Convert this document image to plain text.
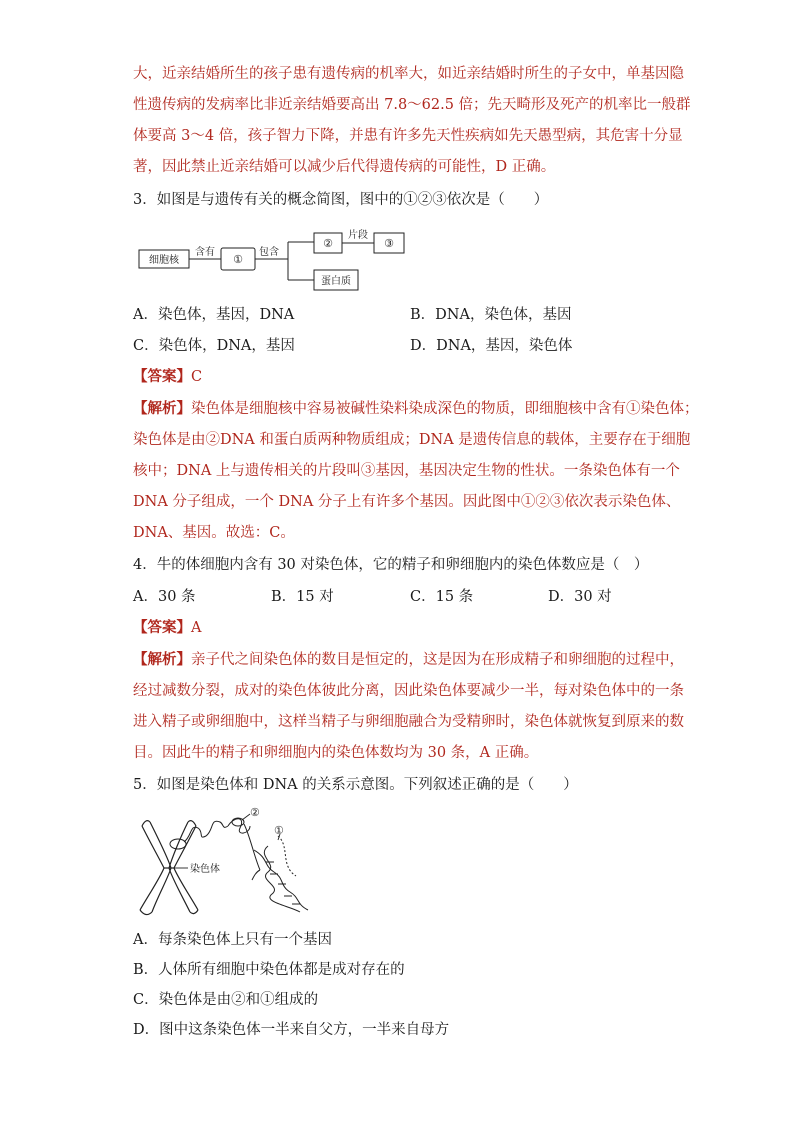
大，近亲结婚所生的孩子患有遗传病的机率大，如近亲结婚时所生的子女中，单基因隐
性遗传病的发病率比非近亲结婚要高出 7.8～62.5 倍；先天畸形及死产的机率比一般群
体要高 3～4 倍，孩子智力下降，并患有许多先天性疾病如先天愚型病，其危害十分显
著，因此禁止近亲结婚可以减少后代得遗传病的可能性，D 正确。
3．如图是与遗传有关的概念简图，图中的①②③依次是（　　）
细胞核
含有
①
包含
②
片段
③
蛋白质
A．染色体，基因，DNA	B．DNA，染色体，基因
C．染色体，DNA，基因	D．DNA，基因，染色体
【答案】C
【解析】染色体是细胞核中容易被碱性染料染成深色的物质，即细胞核中含有①染色体；
染色体是由②DNA 和蛋白质两种物质组成；DNA 是遗传信息的载体，主要存在于细胞
核中；DNA 上与遗传相关的片段叫③基因，基因决定生物的性状。一条染色体有一个
DNA 分子组成，一个 DNA 分子上有许多个基因。因此图中①②③依次表示染色体、
DNA、基因。故选：C。
4．牛的体细胞内含有 30 对染色体，它的精子和卵细胞内的染色体数应是（　）
A．30 条	B．15 对	C．15 条	D．30 对
【答案】A
【解析】亲子代之间染色体的数目是恒定的，这是因为在形成精子和卵细胞的过程中，
经过减数分裂，成对的染色体彼此分离，因此染色体要减少一半，每对染色体中的一条
进入精子或卵细胞中，这样当精子与卵细胞融合为受精卵时，染色体就恢复到原来的数
目。因此牛的精子和卵细胞内的染色体数均为 30 条，A 正确。
5．如图是染色体和 DNA 的关系示意图。下列叙述正确的是（　　）
染色体
②
①
A．每条染色体上只有一个基因
B．人体所有细胞中染色体都是成对存在的
C．染色体是由②和①组成的
D．图中这条染色体一半来自父方，一半来自母方
